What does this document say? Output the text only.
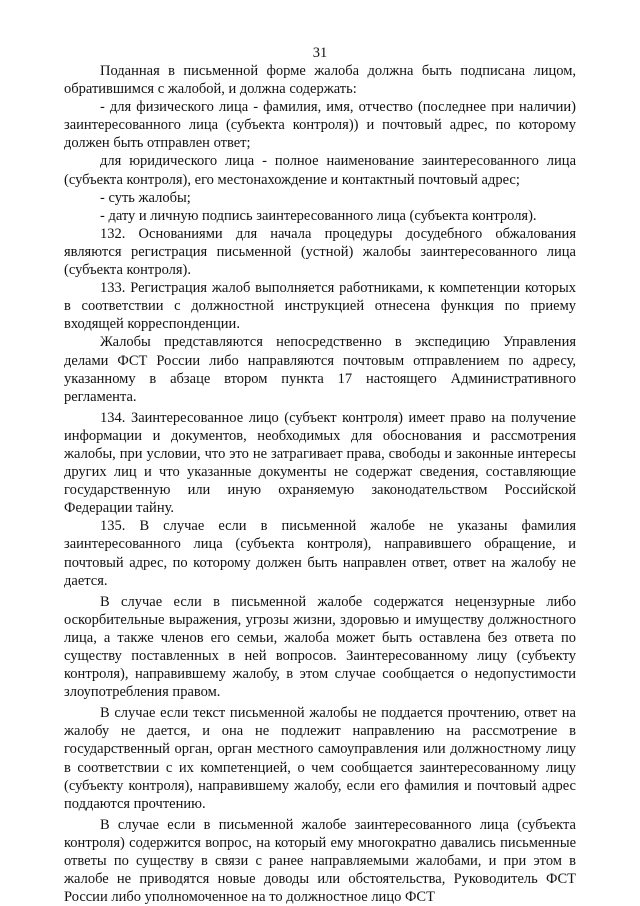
31

Поданная в письменной форме жалоба должна быть подписана лицом, обратившимся с жалобой, и должна содержать:

- для физического лица - фамилия, имя, отчество (последнее при наличии) заинтересованного лица (субъекта контроля)) и почтовый адрес, по которому должен быть отправлен ответ;

для юридического лица - полное наименование заинтересованного лица (субъекта контроля), его местонахождение и контактный почтовый адрес;

- суть жалобы;

- дату и личную подпись заинтересованного лица (субъекта контроля).

132. Основаниями для начала процедуры досудебного обжалования являются регистрация письменной (устной) жалобы заинтересованного лица (субъекта контроля).

133. Регистрация жалоб выполняется работниками, к компетенции которых в соответствии с должностной инструкцией отнесена функция по приему входящей корреспонденции.

Жалобы представляются непосредственно в экспедицию Управления делами ФСТ России либо направляются почтовым отправлением по адресу, указанному в абзаце втором пункта 17 настоящего Административного регламента.

134. Заинтересованное лицо (субъект контроля) имеет право на получение информации и документов, необходимых для обоснования и рассмотрения жалобы, при условии, что это не затрагивает права, свободы и законные интересы других лиц и что указанные документы не содержат сведения, составляющие государственную или иную охраняемую законодательством Российской Федерации тайну.

135. В случае если в письменной жалобе не указаны фамилия заинтересованного лица (субъекта контроля), направившего обращение, и почтовый адрес, по которому должен быть направлен ответ, ответ на жалобу не дается.

В случае если в письменной жалобе содержатся нецензурные либо оскорбительные выражения, угрозы жизни, здоровью и имуществу должностного лица, а также членов его семьи, жалоба может быть оставлена без ответа по существу поставленных в ней вопросов. Заинтересованному лицу (субъекту контроля), направившему жалобу, в этом случае сообщается о недопустимости злоупотребления правом.

В случае если текст письменной жалобы не поддается прочтению, ответ на жалобу не дается, и она не подлежит направлению на рассмотрение в государственный орган, орган местного самоуправления или должностному лицу в соответствии с их компетенцией, о чем сообщается заинтересованному лицу (субъекту контроля), направившему жалобу, если его фамилия и почтовый адрес поддаются прочтению.

В случае если в письменной жалобе заинтересованного лица (субъекта контроля) содержится вопрос, на который ему многократно давались письменные ответы по существу в связи с ранее направляемыми жалобами, и при этом в жалобе не приводятся новые доводы или обстоятельства, Руководитель ФСТ России либо уполномоченное на то должностное лицо ФСТ
